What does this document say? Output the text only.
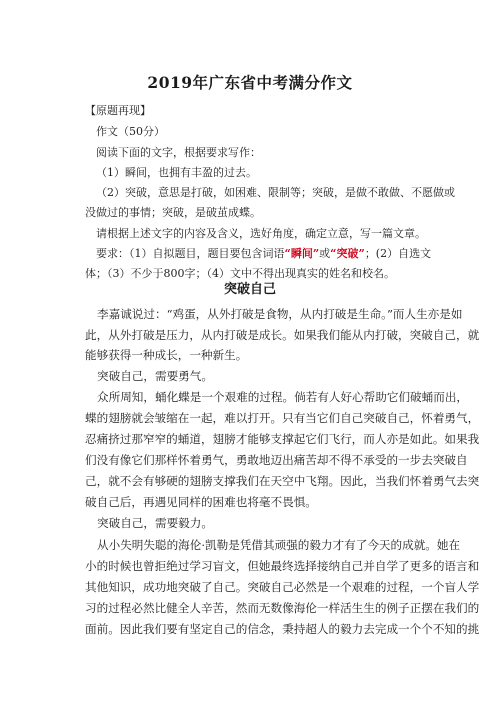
2019年广东省中考满分作文
【原题再现】
作文（50分）
阅读下面的文字，根据要求写作：
（1）瞬间，也拥有丰盈的过去。
（2）突破，意思是打破，如困难、限制等；突破，是做不敢做、不愿做或
没做过的事情；突破，是破茧成蝶。
请根据上述文字的内容及含义，选好角度，确定立意，写一篇文章。
要求：（1）自拟题目，题目要包含词语“瞬间”或“突破”；(2）自选文
体；（3）不少于800字；（4）文中不得出现真实的姓名和校名。
突破自己
李嘉诚说过：“鸡蛋，从外打破是食物，从内打破是生命。”而人生亦是如
此，从外打破是压力，从内打破是成长。如果我们能从内打破，突破自己，就
能够获得一种成长，一种新生。
突破自己，需要勇气。
众所周知，蛹化蝶是一个艰难的过程。倘若有人好心帮助它们破蛹而出，
蝶的翅膀就会皱缩在一起，难以打开。只有当它们自己突破自己，怀着勇气，
忍痛挤过那窄窄的蛹道，翅膀才能够支撑起它们飞行，而人亦是如此。如果我
们没有像它们那样怀着勇气，勇敢地迈出痛苦却不得不承受的一步去突破自
己，就不会有够硬的翅膀支撑我们在天空中飞翔。因此，当我们怀着勇气去突
破自己后，再遇见同样的困难也将毫不畏惧。
突破自己，需要毅力。
从小失明失聪的海伦·凯勒是凭借其顽强的毅力才有了今天的成就。她在
小的时候也曾拒绝过学习盲文，但她最终选择接纳自己并自学了更多的语言和
其他知识，成功地突破了自己。突破自己必然是一个艰难的过程，一个盲人学
习的过程必然比健全人辛苦，然而无数像海伦一样活生生的例子正摆在我们的
面前。因此我们要有坚定自己的信念，秉持超人的毅力去完成一个个不知的挑
